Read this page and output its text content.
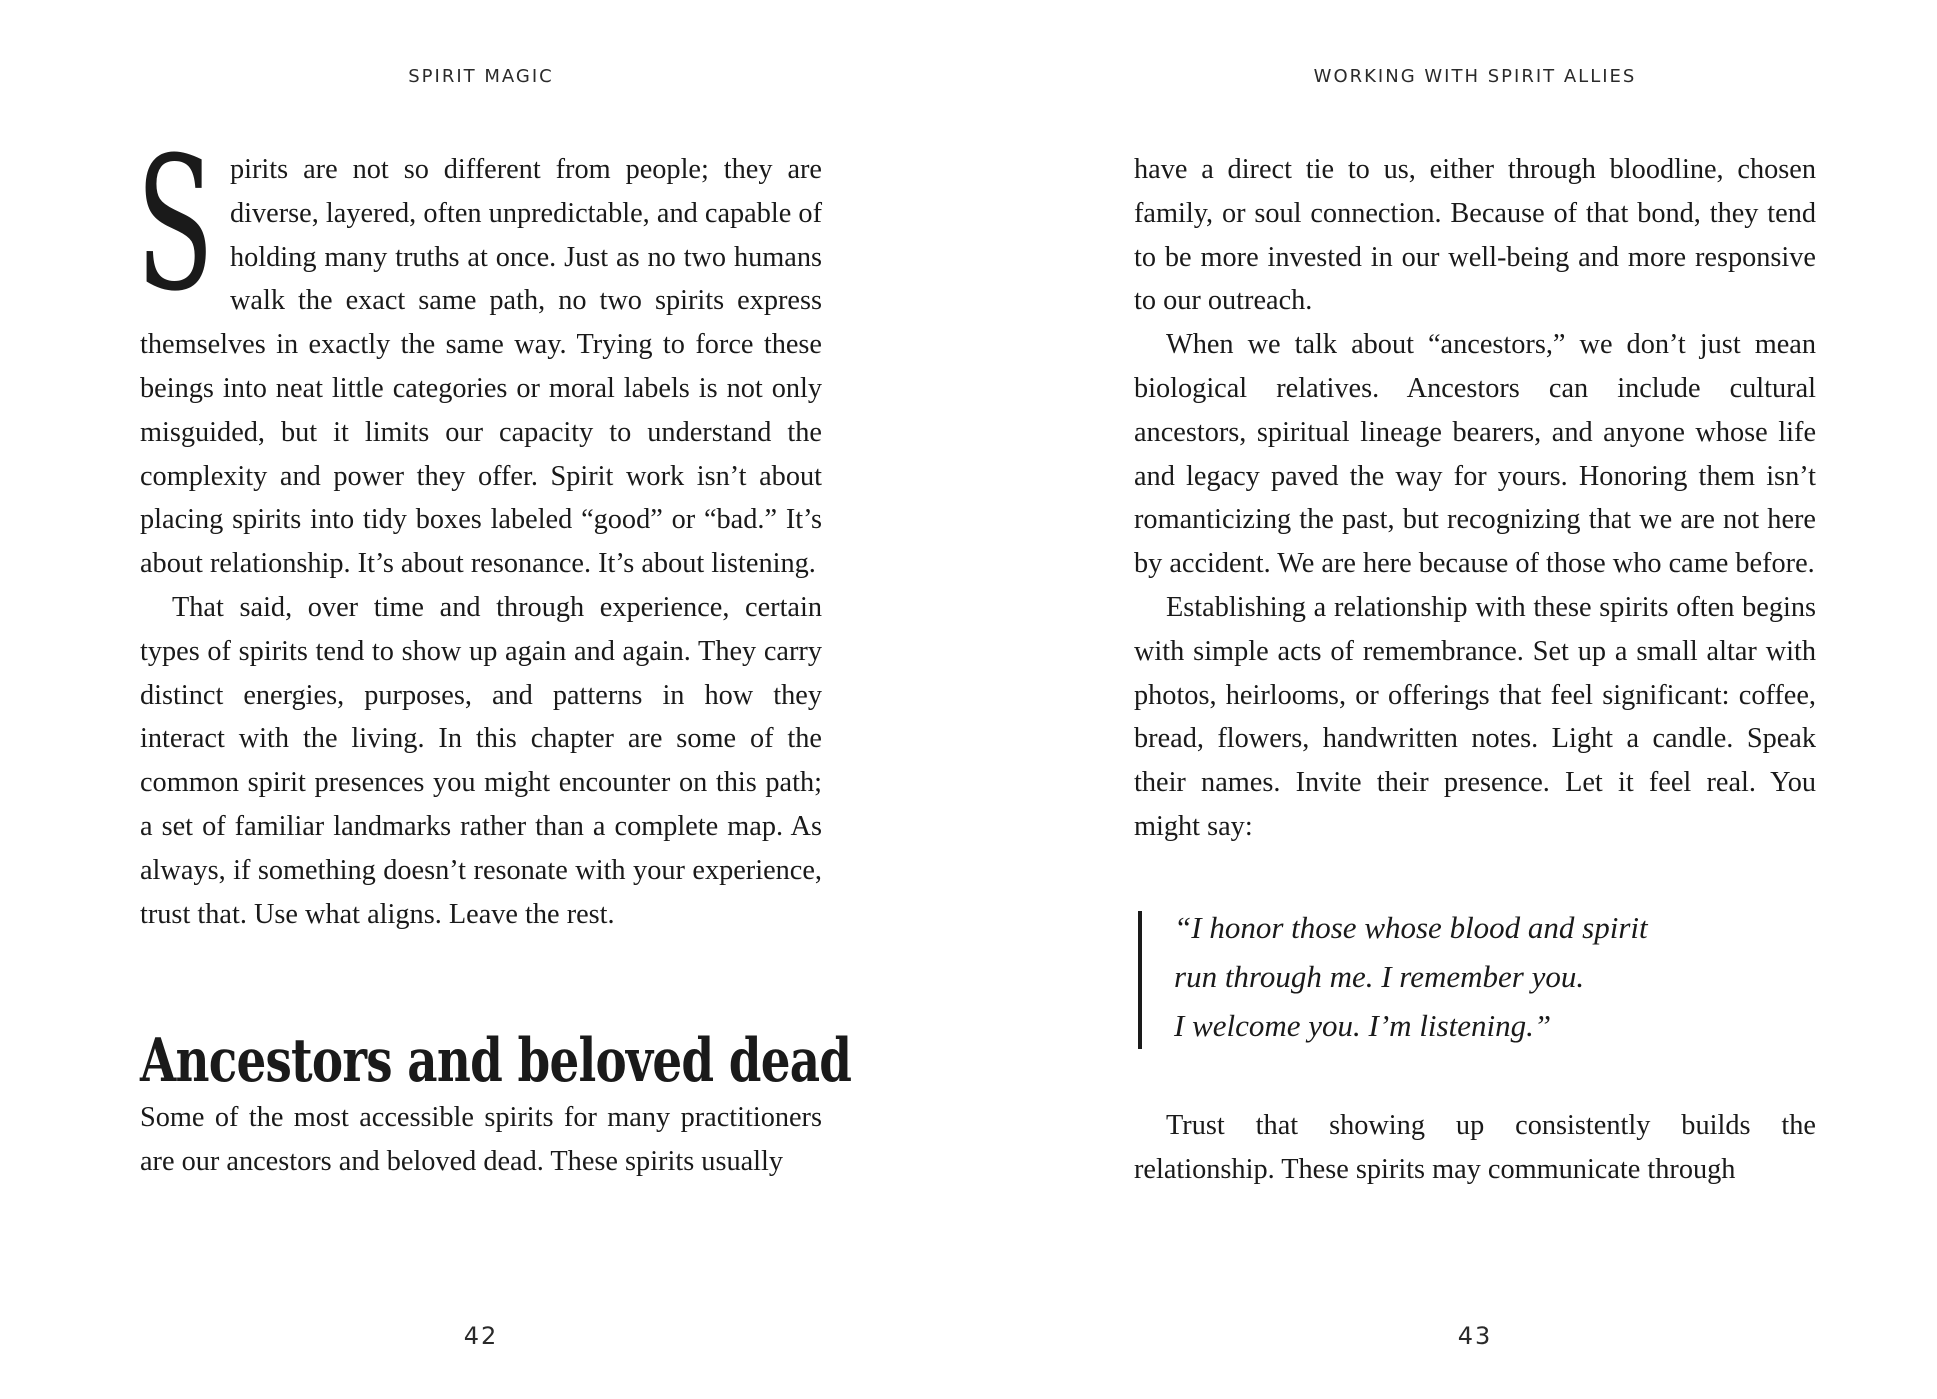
SPIRIT MAGIC

Spirits are not so different from people; they are diverse, layered, often unpredictable, and capable of holding many truths at once. Just as no two humans walk the exact same path, no two spirits express themselves in exactly the same way. Trying to force these beings into neat little categories or moral labels is not only misguided, but it limits our capacity to understand the complexity and power they offer. Spirit work isn’t about placing spirits into tidy boxes labeled “good” or “bad.” It’s about relationship. It’s about resonance. It’s about listening.

That said, over time and through experience, certain types of spirits tend to show up again and again. They carry distinct energies, purposes, and patterns in how they interact with the living. In this chapter are some of the common spirit presences you might encounter on this path; a set of familiar landmarks rather than a complete map. As always, if something doesn’t resonate with your experience, trust that. Use what aligns. Leave the rest.

Ancestors and beloved dead

Some of the most accessible spirits for many practitioners are our ancestors and beloved dead. These spirits usually

42
WORKING WITH SPIRIT ALLIES

have a direct tie to us, either through bloodline, chosen family, or soul connection. Because of that bond, they tend to be more invested in our well-being and more responsive to our outreach.

When we talk about “ancestors,” we don’t just mean biological relatives. Ancestors can include cultural ancestors, spiritual lineage bearers, and anyone whose life and legacy paved the way for yours. Honoring them isn’t romanticizing the past, but recognizing that we are not here by accident. We are here because of those who came before.

Establishing a relationship with these spirits often begins with simple acts of remembrance. Set up a small altar with photos, heirlooms, or offerings that feel significant: coffee, bread, flowers, handwritten notes. Light a candle. Speak their names. Invite their presence. Let it feel real. You might say:

“I honor those whose blood and spirit
run through me. I remember you.
I welcome you. I’m listening.”

Trust that showing up consistently builds the relationship. These spirits may communicate through

43
